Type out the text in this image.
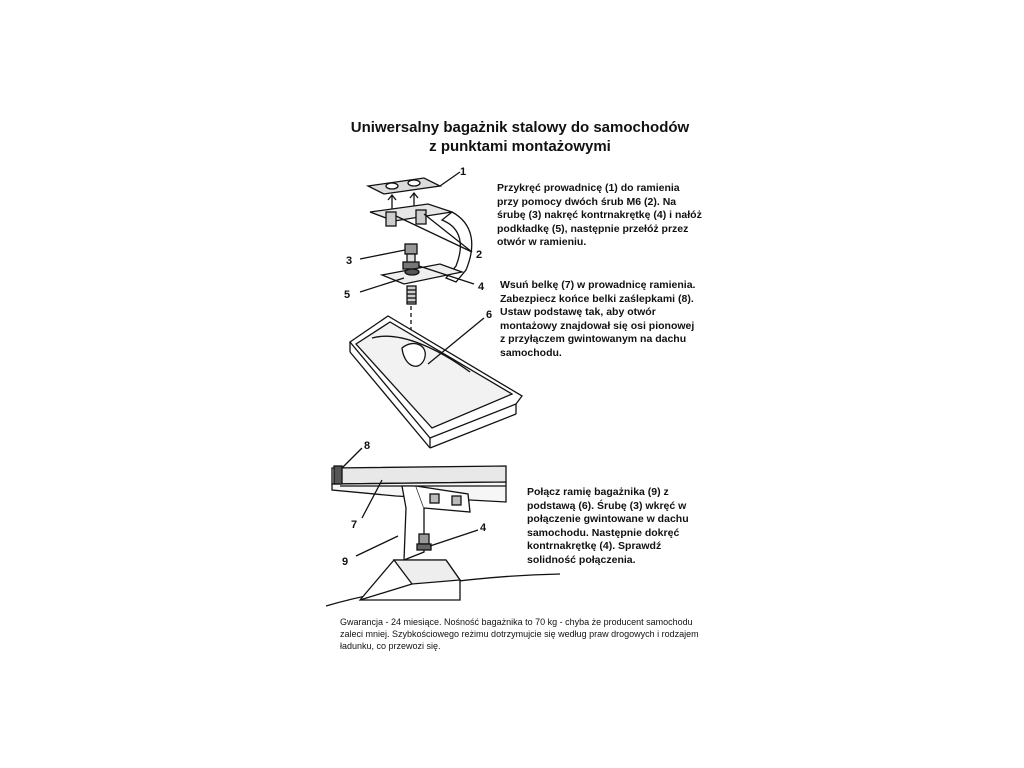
Uniwersalny bagażnik stalowy do samochodów
z punktami montażowymi
1
2
3
4
5
6
8
7
9
4
Przykręć prowadnicę (1) do ramienia
przy pomocy dwóch śrub M6 (2). Na
śrubę (3) nakręć kontrnakrętkę (4) i nałóż
podkładkę (5), następnie przełóż przez
otwór w ramieniu.
Wsuń belkę (7) w prowadnicę ramienia.
Zabezpiecz końce belki zaślepkami (8).
Ustaw podstawę tak, aby otwór
montażowy znajdował się osi pionowej
z przyłączem gwintowanym na dachu
samochodu.
Połącz ramię bagażnika (9) z
podstawą (6). Śrubę (3) wkręć w
połączenie gwintowane w dachu
samochodu. Następnie dokręć
kontrnakrętkę (4). Sprawdź
solidność połączenia.
Gwarancja - 24 miesiące. Nośność bagażnika to 70 kg - chyba że producent samochodu
zaleci mniej. Szybkościowego reżimu dotrzymujcie się według praw drogowych i rodzajem
ładunku, co przewozi się.
